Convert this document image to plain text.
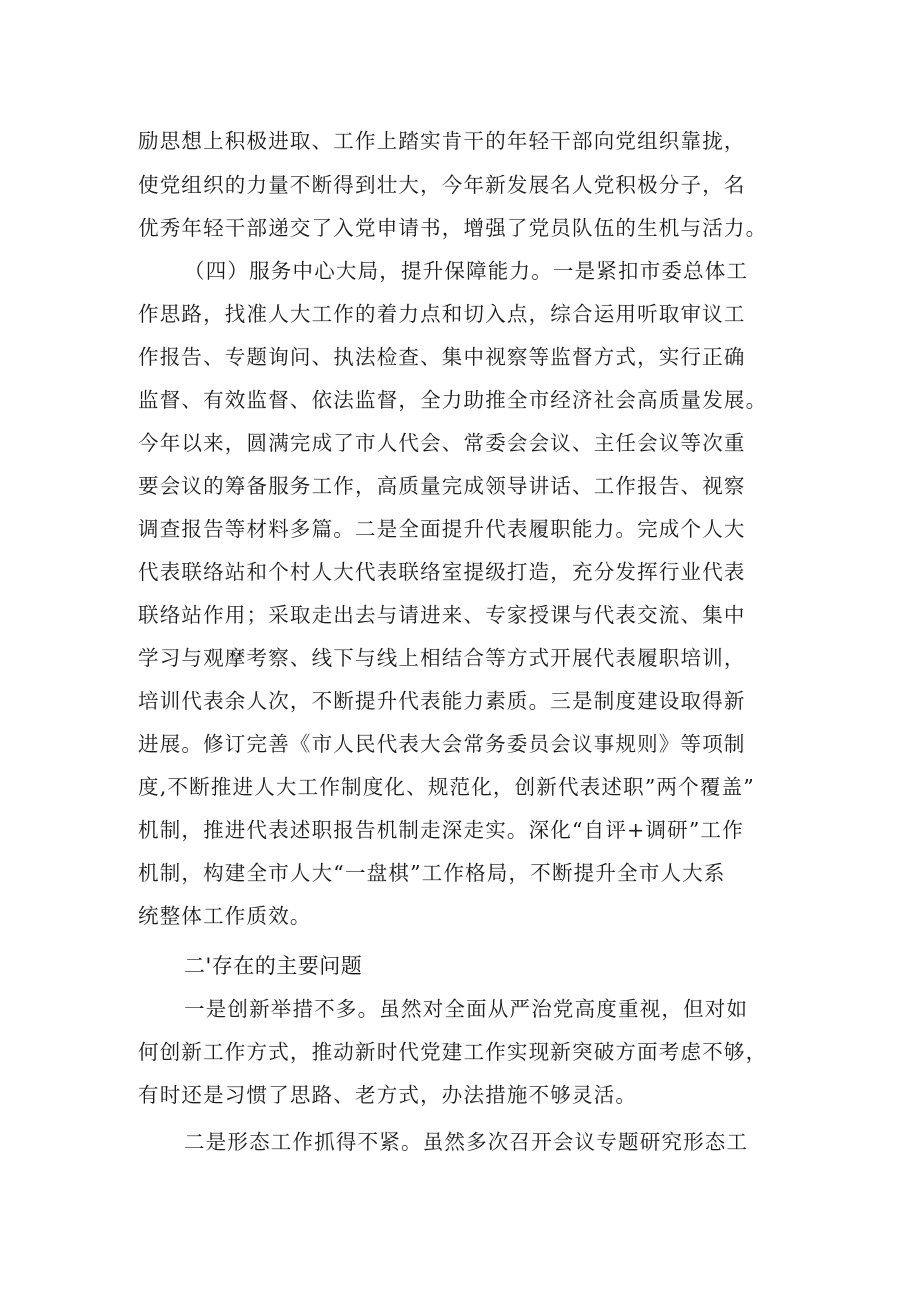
励思想上积极进取、工作上踏实肯干的年轻干部向党组织靠拢，
使党组织的力量不断得到壮大，今年新发展名人党积极分子，名
优秀年轻干部递交了入党申请书，增强了党员队伍的生机与活力。
（四）服务中心大局，提升保障能力。一是紧扣市委总体工
作思路，找准人大工作的着力点和切入点，综合运用听取审议工
作报告、专题询问、执法检查、集中视察等监督方式，实行正确
监督、有效监督、依法监督，全力助推全市经济社会高质量发展。
今年以来，圆满完成了市人代会、常委会会议、主任会议等次重
要会议的筹备服务工作，高质量完成领导讲话、工作报告、视察
调查报告等材料多篇。二是全面提升代表履职能力。完成个人大
代表联络站和个村人大代表联络室提级打造，充分发挥行业代表
联络站作用；采取走出去与请进来、专家授课与代表交流、集中
学习与观摩考察、线下与线上相结合等方式开展代表履职培训，
培训代表余人次，不断提升代表能力素质。三是制度建设取得新
进展。修订完善《市人民代表大会常务委员会议事规则》等项制
度,不断推进人大工作制度化、规范化，创新代表述职”两个覆盖”
机制，推进代表述职报告机制走深走实。深化“自评+调研”工作
机制，构建全市人大“一盘棋”工作格局，不断提升全市人大系
统整体工作质效。
二'存在的主要问题
一是创新举措不多。虽然对全面从严治党高度重视，但对如
何创新工作方式，推动新时代党建工作实现新突破方面考虑不够，
有时还是习惯了思路、老方式，办法措施不够灵活。
二是形态工作抓得不紧。虽然多次召开会议专题研究形态工
